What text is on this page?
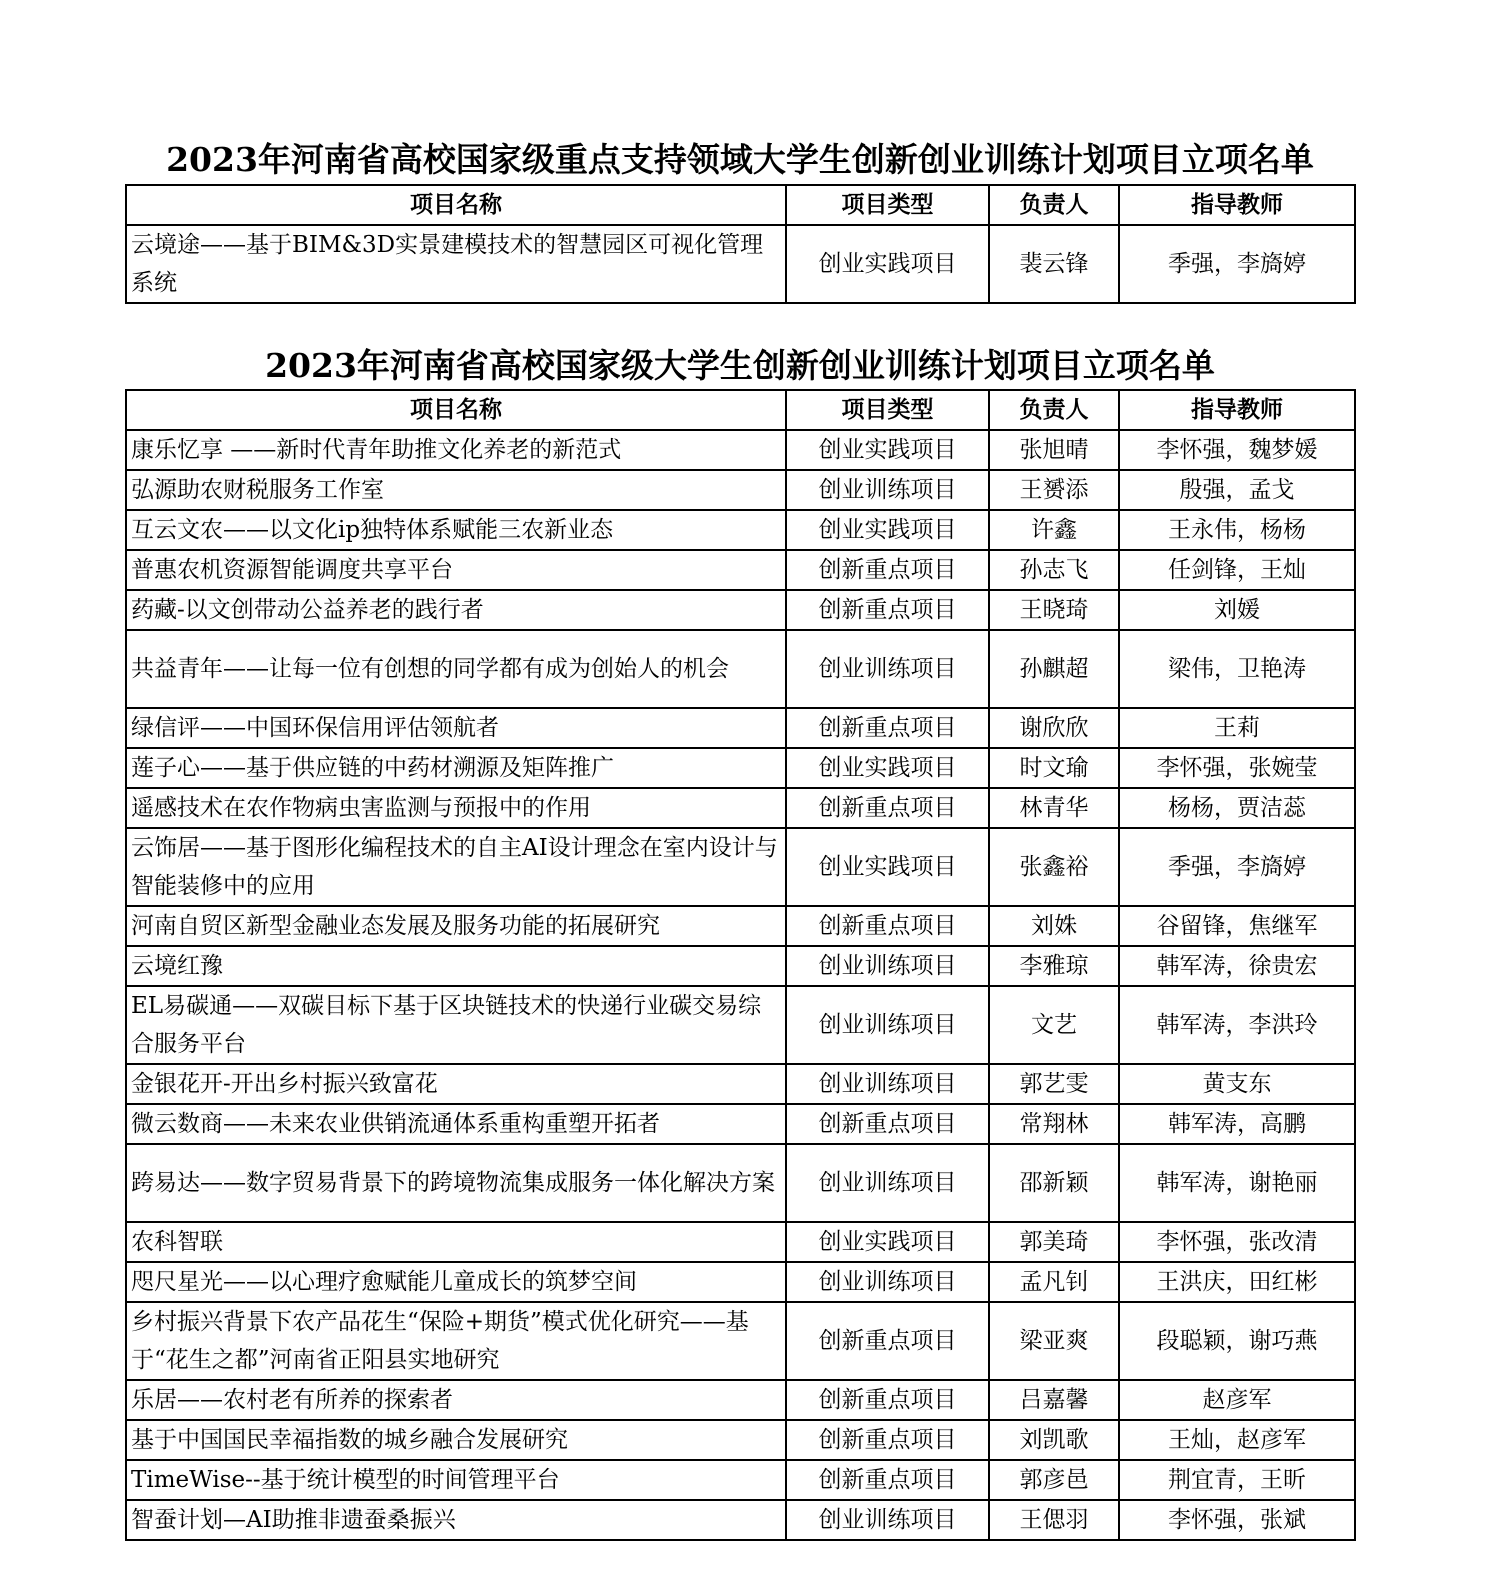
2023年河南省高校国家级重点支持领域大学生创新创业训练计划项目立项名单
项目名称	项目类型	负责人	指导教师
云境途——基于BIM&3D实景建模技术的智慧园区可视化管理系统	创业实践项目	裴云锋	季强，李旖婷
2023年河南省高校国家级大学生创新创业训练计划项目立项名单
项目名称	项目类型	负责人	指导教师
康乐忆享 ——新时代青年助推文化养老的新范式	创业实践项目	张旭晴	李怀强，魏梦媛
弘源助农财税服务工作室	创业训练项目	王赟添	殷强，孟戈
互云文农——以文化ip独特体系赋能三农新业态	创业实践项目	许鑫	王永伟，杨杨
普惠农机资源智能调度共享平台	创新重点项目	孙志飞	任剑锋，王灿
药藏-以文创带动公益养老的践行者	创新重点项目	王晓琦	刘媛
共益青年——让每一位有创想的同学都有成为创始人的机会	创业训练项目	孙麒超	梁伟，卫艳涛
绿信评——中国环保信用评估领航者	创新重点项目	谢欣欣	王莉
莲子心——基于供应链的中药材溯源及矩阵推广	创业实践项目	时文瑜	李怀强，张婉莹
遥感技术在农作物病虫害监测与预报中的作用	创新重点项目	林青华	杨杨，贾洁蕊
云饰居——基于图形化编程技术的自主AI设计理念在室内设计与智能装修中的应用	创业实践项目	张鑫裕	季强，李旖婷
河南自贸区新型金融业态发展及服务功能的拓展研究	创新重点项目	刘姝	谷留锋，焦继军
云境红豫	创业训练项目	李雅琼	韩军涛，徐贵宏
EL易碳通——双碳目标下基于区块链技术的快递行业碳交易综合服务平台	创业训练项目	文艺	韩军涛，李洪玲
金银花开-开出乡村振兴致富花	创业训练项目	郭艺雯	黄支东
微云数商——未来农业供销流通体系重构重塑开拓者	创新重点项目	常翔林	韩军涛，高鹏
跨易达——数字贸易背景下的跨境物流集成服务一体化解决方案	创业训练项目	邵新颖	韩军涛，谢艳丽
农科智联	创业实践项目	郭美琦	李怀强，张改清
咫尺星光——以心理疗愈赋能儿童成长的筑梦空间	创业训练项目	孟凡钊	王洪庆，田红彬
乡村振兴背景下农产品花生“保险+期货”模式优化研究——基于“花生之都”河南省正阳县实地研究	创新重点项目	梁亚爽	段聪颖，谢巧燕
乐居——农村老有所养的探索者	创新重点项目	吕嘉馨	赵彦军
基于中国国民幸福指数的城乡融合发展研究	创新重点项目	刘凯歌	王灿，赵彦军
TimeWise--基于统计模型的时间管理平台	创新重点项目	郭彦邑	荆宜青，王昕
智蚕计划—AI助推非遗蚕桑振兴	创业训练项目	王偲羽	李怀强，张斌
